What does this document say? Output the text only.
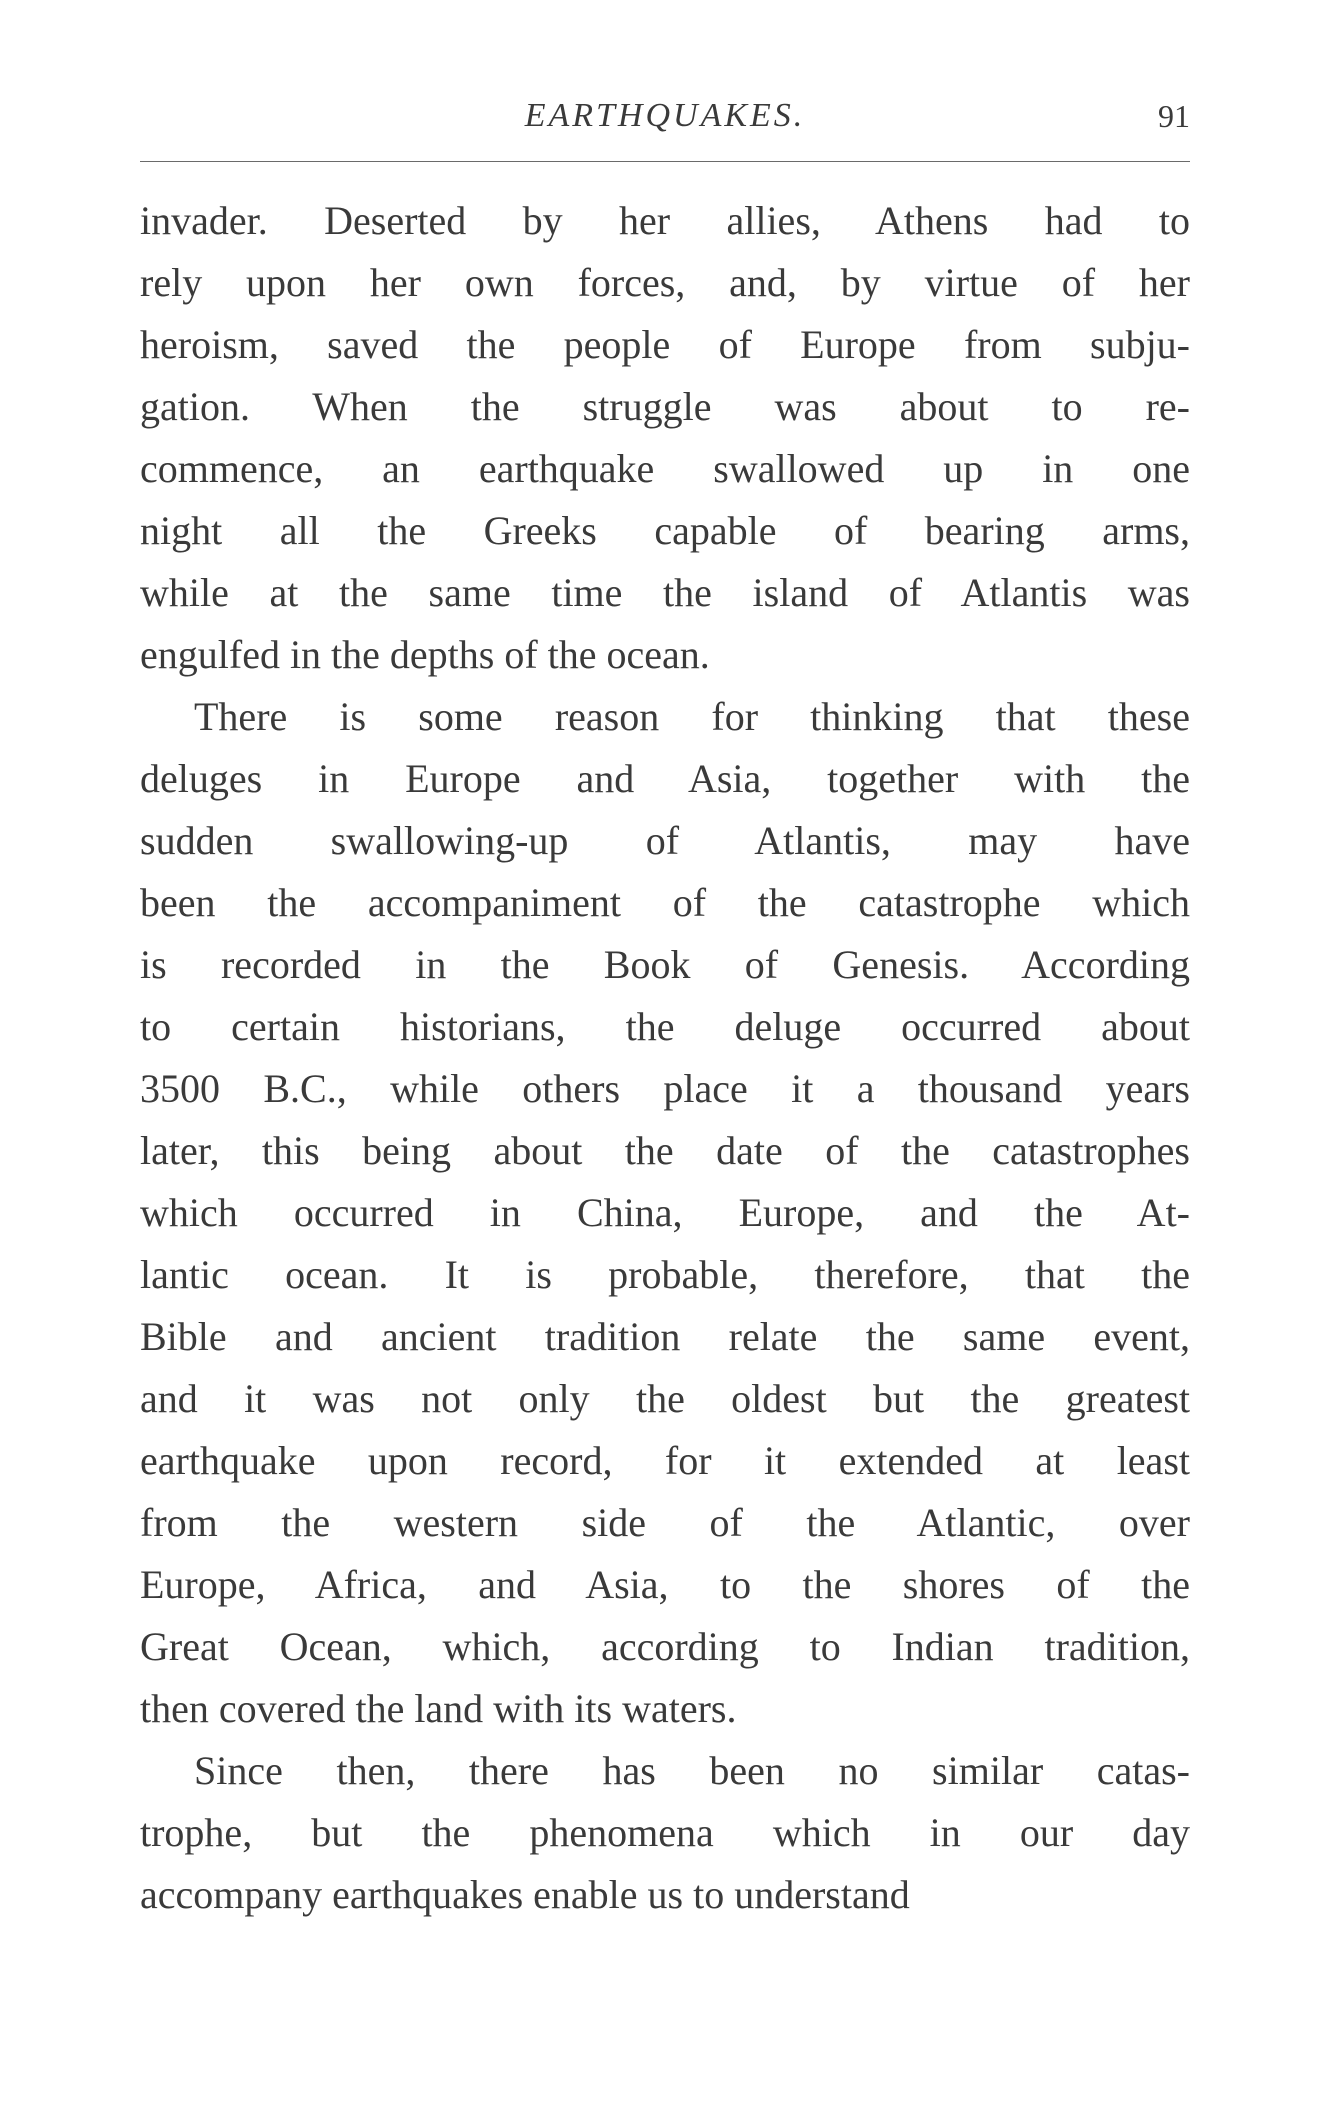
EARTHQUAKES.	91
invader. Deserted by her allies, Athens had to
rely upon her own forces, and, by virtue of her
heroism, saved the people of Europe from subju-
gation. When the struggle was about to re-
commence, an earthquake swallowed up in one
night all the Greeks capable of bearing arms,
while at the same time the island of Atlantis was
engulfed in the depths of the ocean.
There is some reason for thinking that these
deluges in Europe and Asia, together with the
sudden swallowing-up of Atlantis, may have
been the accompaniment of the catastrophe which
is recorded in the Book of Genesis. According
to certain historians, the deluge occurred about
3500 B.C., while others place it a thousand years
later, this being about the date of the catastrophes
which occurred in China, Europe, and the At-
lantic ocean. It is probable, therefore, that the
Bible and ancient tradition relate the same event,
and it was not only the oldest but the greatest
earthquake upon record, for it extended at least
from the western side of the Atlantic, over
Europe, Africa, and Asia, to the shores of the
Great Ocean, which, according to Indian tradition,
then covered the land with its waters.
Since then, there has been no similar catas-
trophe, but the phenomena which in our day
accompany earthquakes enable us to understand
